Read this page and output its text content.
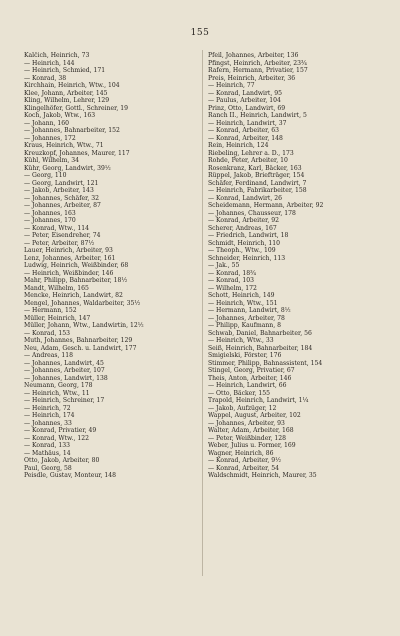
155
Kalčich, Heinrich, 73
— Heinrich, 144
— Heinrich, Schmied, 171
— Konrad, 38
Kirchhain, Heinrich, Wtw., 104
Klee, Johann, Arbeiter, 145
Kling, Wilhelm, Lehrer, 129
Klingelhöfer, Gottl., Schreiner, 19
Koch, Jakob, Wtw., 163
— Johann, 160
— Johannes, Bahnarbeiter, 152
— Johannes, 172
Kraus, Heinrich, Wtw., 71
Kreuzkopf, Johannes, Maurer, 117
Kühl, Wilhelm, 34
Kühr, Georg, Landwirt, 39½
— Georg, 110
— Georg, Landwirt, 121
— Jakob, Arbeiter, 143
— Johannes, Schäfer, 32
— Johannes, Arbeiter, 87
— Johannes, 163
— Johannes, 170
— Konrad, Wtw., 114
— Peter, Eisendreher, 74
— Peter, Arbeiter, 87½
Lauer, Heinrich, Arbeiter, 93
Lenz, Johannes, Arbeiter, 161
Ludwig, Heinrich, Weißbinder, 68
— Heinrich, Weißbinder, 146
Mahr, Philipp, Bahnarbeiter, 18½
Mandt, Wilhelm, 165
Mencke, Heinrich, Landwirt, 82
Mengel, Johannes, Waldarbeiter, 35½
— Hermann, 152
Müller, Heinrich, 147
Müller, Johann, Wtw., Landwirtin, 12½
— Konrad, 153
Muth, Johannes, Bahnarbeiter, 129
Neu, Adam, Gesch. u. Landwirt, 177
— Andreas, 118
— Johannes, Landwirt, 45
— Johannes, Arbeiter, 107
— Johannes, Landwirt, 138
Neumann, Georg, 178
— Heinrich, Wtw., 11
— Heinrich, Schreiner, 17
— Heinrich, 72
— Heinrich, 174
— Johannes, 33
— Konrad, Privatier, 49
— Konrad, Wtw., 122
— Konrad, 133
— Mathäus, 14
Otto, Jakob, Arbeiter, 80
Paul, Georg, 58
Peisdle, Gustav, Monteur, 148
Pfeil, Johannes, Arbeiter, 136
Pfingst, Heinrich, Arbeiter, 23¾
Rafern, Hermann, Privatier, 157
Preis, Heinrich, Arbeiter, 36
— Heinrich, 77
— Konrad, Landwirt, 95
— Paulus, Arbeiter, 104
Prinz, Otto, Landwirt, 69
Ranch II., Heinrich, Landwirt, 5
— Heinrich, Landwirt, 37
— Konrad, Arbeiter, 63
— Konrad, Arbeiter, 148
Rein, Heinrich, 124
Riebeling, Lehrer a. D., 173
Rohde, Peter, Arbeiter, 10
Rosenkranz, Karl, Bäcker, 163
Rüppel, Jakob, Briefträger, 154
Schäfer, Ferdinand, Landwirt, 7
— Heinrich, Fabrikarbeiter, 158
— Konrad, Landwirt, 26
Scheidemann, Hermann, Arbeiter, 92
— Johannes, Chausseur, 178
— Konrad, Arbeiter, 92
Scherer, Andreas, 167
— Friedrich, Landwirt, 18
Schmidt, Heinrich, 110
— Theoph., Wtw., 109
Schneider, Heinrich, 113
— Jak., 55
— Konrad, 18¾
— Konrad, 103
— Wilhelm, 172
Schott, Heinrich, 149
— Heinrich, Wtw., 151
— Hermann, Landwirt, 8½
— Johannes, Arbeiter, 78
— Philipp, Kaufmann, 8
Schwab, Daniel, Bahnarbeiter, 56
— Heinrich, Wtw., 33
Seiß, Heinrich, Bahnarbeiter, 184
Smigielski, Förster, 176
Stimmer, Philipp, Bahnassistent, 154
Stingel, Georg, Privatier, 67
Theis, Anton, Arbeiter, 146
— Heinrich, Landwirt, 66
— Otto, Bäcker, 155
Trapold, Heinrich, Landwirt, 1¼
— Jakob, Aufzüger, 12
Wappel, August, Arbeiter, 102
— Johannes, Arbeiter, 93
Walter, Adam, Arbeiter, 168
— Peter, Weißbinder, 128
Weber, Julius u. Former, 169
Wagner, Heinrich, 86
— Konrad, Arbeiter, 9½
— Konrad, Arbeiter, 54
Waldschmidt, Heinrich, Maurer, 35
